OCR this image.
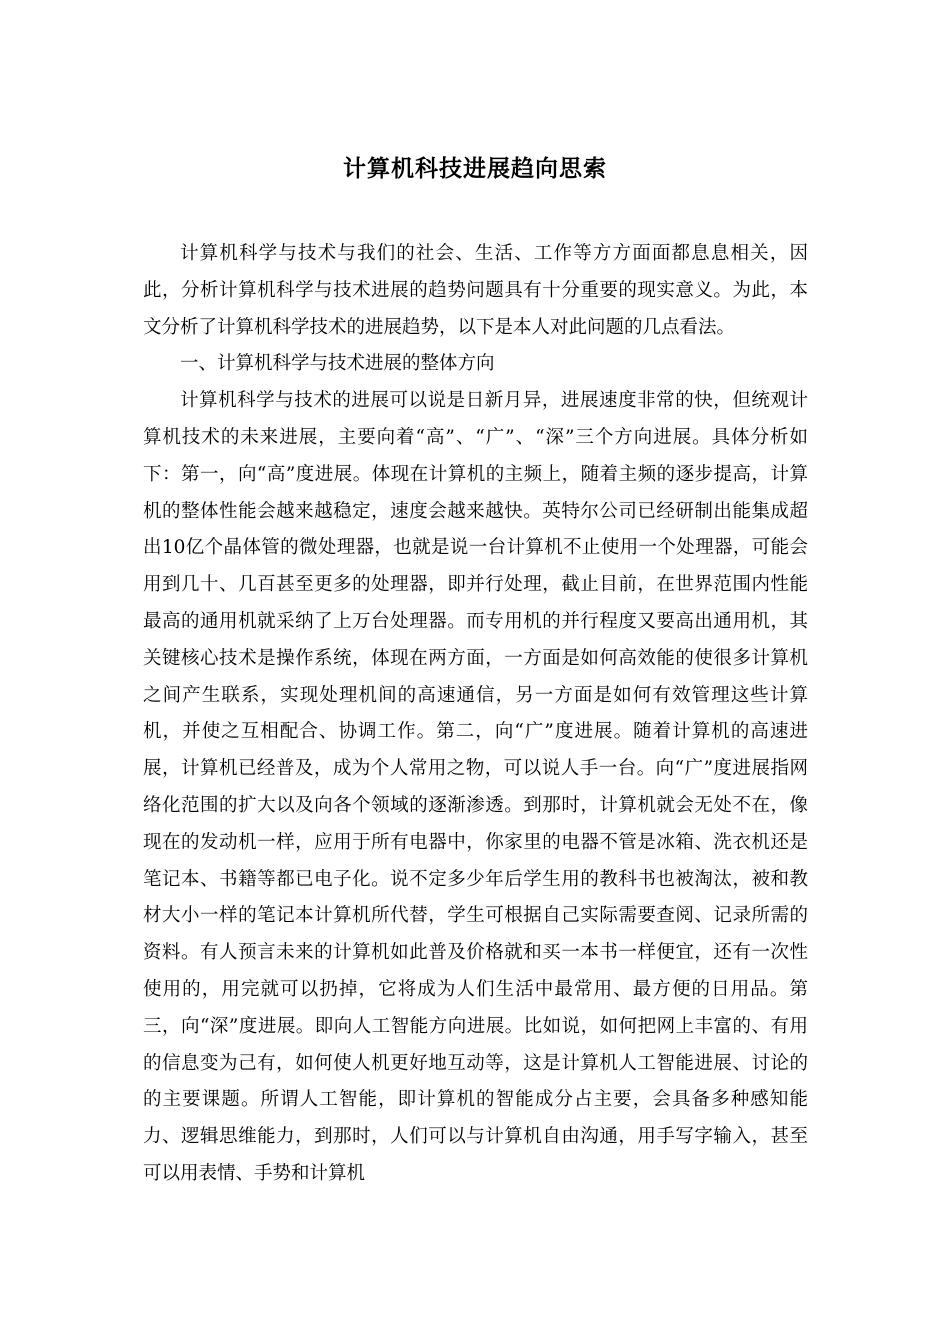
计算机科技进展趋向思索

计算机科学与技术与我们的社会、生活、工作等方方面面都息息相关，因此，分析计算机科学与技术进展的趋势问题具有十分重要的现实意义。为此，本文分析了计算机科学技术的进展趋势，以下是本人对此问题的几点看法。

一、计算机科学与技术进展的整体方向

计算机科学与技术的进展可以说是日新月异，进展速度非常的快，但统观计算机技术的未来进展，主要向着“高”、“广”、“深”三个方向进展。具体分析如下：第一，向“高”度进展。体现在计算机的主频上，随着主频的逐步提高，计算机的整体性能会越来越稳定，速度会越来越快。英特尔公司已经研制出能集成超出10亿个晶体管的微处理器，也就是说一台计算机不止使用一个处理器，可能会用到几十、几百甚至更多的处理器，即并行处理，截止目前，在世界范围内性能最高的通用机就采纳了上万台处理器。而专用机的并行程度又要高出通用机，其关键核心技术是操作系统，体现在两方面，一方面是如何高效能的使很多计算机之间产生联系，实现处理机间的高速通信，另一方面是如何有效管理这些计算机，并使之互相配合、协调工作。第二，向“广”度进展。随着计算机的高速进展，计算机已经普及，成为个人常用之物，可以说人手一台。向“广”度进展指网络化范围的扩大以及向各个领域的逐渐渗透。到那时，计算机就会无处不在，像现在的发动机一样，应用于所有电器中，你家里的电器不管是冰箱、洗衣机还是笔记本、书籍等都已电子化。说不定多少年后学生用的教科书也被淘汰，被和教材大小一样的笔记本计算机所代替，学生可根据自己实际需要查阅、记录所需的资料。有人预言未来的计算机如此普及价格就和买一本书一样便宜，还有一次性使用的，用完就可以扔掉，它将成为人们生活中最常用、最方便的日用品。第三，向“深”度进展。即向人工智能方向进展。比如说，如何把网上丰富的、有用的信息变为己有，如何使人机更好地互动等，这是计算机人工智能进展、讨论的的主要课题。所谓人工智能，即计算机的智能成分占主要，会具备多种感知能力、逻辑思维能力，到那时，人们可以与计算机自由沟通，用手写字输入，甚至可以用表情、手势和计算机
